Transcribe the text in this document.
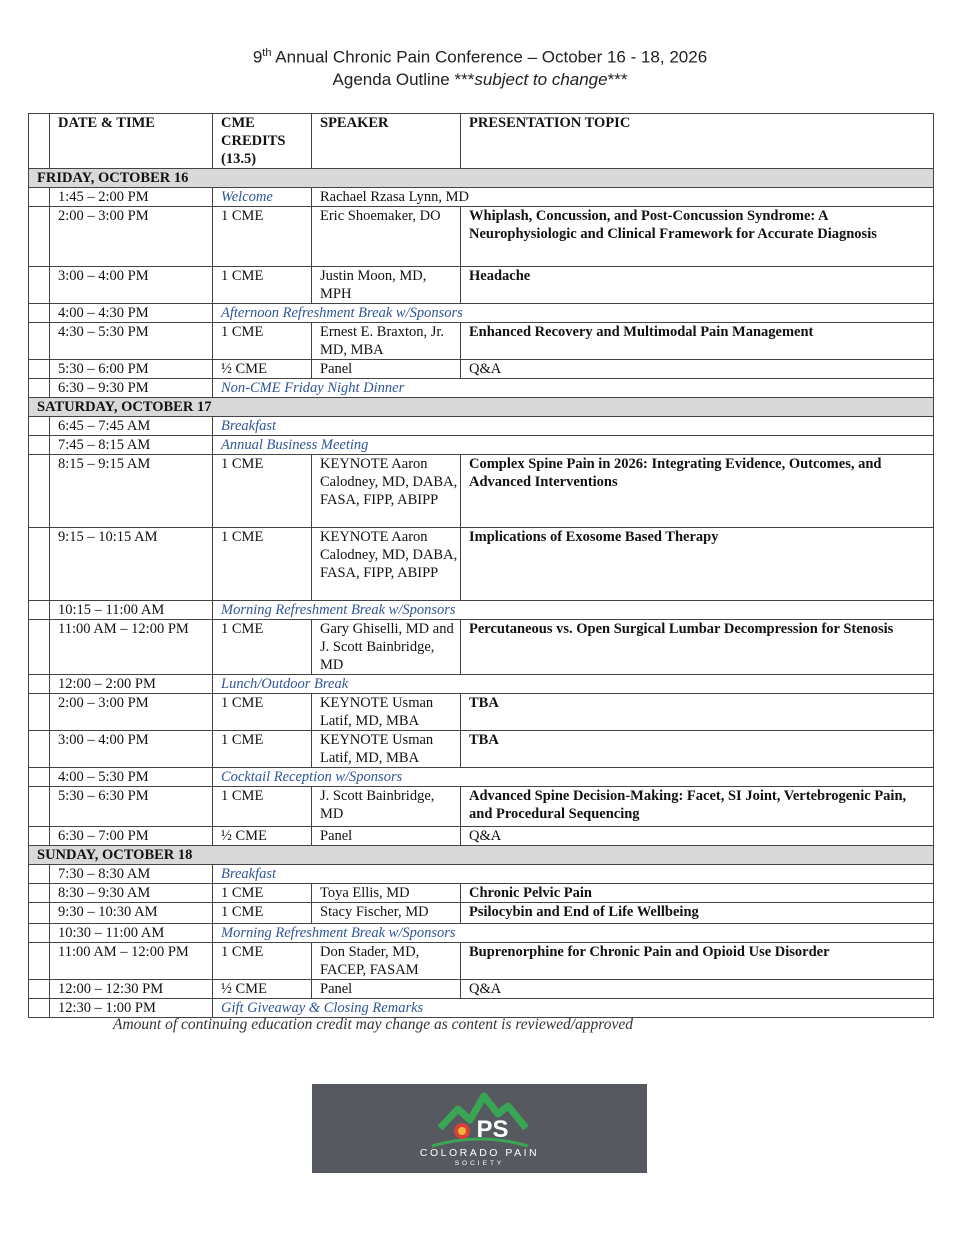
9th Annual Chronic Pain Conference – October 16 - 18, 2026
Agenda Outline ***subject to change***
	DATE & TIME	CME CREDITS (13.5)	SPEAKER	PRESENTATION TOPIC
FRIDAY, OCTOBER 16				
	1:45 – 2:00 PM	Welcome	Rachael Rzasa Lynn, MD	
	2:00 – 3:00 PM	1 CME	Eric Shoemaker, DO	Whiplash, Concussion, and Post-Concussion Syndrome: A Neurophysiologic and Clinical Framework for Accurate Diagnosis
	3:00 – 4:00 PM	1 CME	Justin Moon, MD, MPH	Headache
	4:00 – 4:30 PM	Afternoon Refreshment Break w/Sponsors		
	4:30 – 5:30 PM	1 CME	Ernest E. Braxton, Jr. MD, MBA	Enhanced Recovery and Multimodal Pain Management
	5:30 – 6:00 PM	½ CME	Panel	Q&A
	6:30 – 9:30 PM	Non-CME Friday Night Dinner		
SATURDAY, OCTOBER 17				
	6:45 – 7:45 AM	Breakfast		
	7:45 – 8:15 AM	Annual Business Meeting		
	8:15 – 9:15 AM	1 CME	KEYNOTE Aaron Calodney, MD, DABA, FASA, FIPP, ABIPP	Complex Spine Pain in 2026: Integrating Evidence, Outcomes, and Advanced Interventions
	9:15 – 10:15 AM	1 CME	KEYNOTE Aaron Calodney, MD, DABA, FASA, FIPP, ABIPP	Implications of Exosome Based Therapy
	10:15 – 11:00 AM	Morning Refreshment Break w/Sponsors		
	11:00 AM – 12:00 PM	1 CME	Gary Ghiselli, MD and J. Scott Bainbridge, MD	Percutaneous vs. Open Surgical Lumbar Decompression for Stenosis
	12:00 – 2:00 PM	Lunch/Outdoor Break		
	2:00 – 3:00 PM	1 CME	KEYNOTE Usman Latif, MD, MBA	TBA
	3:00 – 4:00 PM	1 CME	KEYNOTE Usman Latif, MD, MBA	TBA
	4:00 – 5:30 PM	Cocktail Reception w/Sponsors		
	5:30 – 6:30 PM	1 CME	J. Scott Bainbridge, MD	Advanced Spine Decision-Making: Facet, SI Joint, Vertebrogenic Pain, and Procedural Sequencing
	6:30 – 7:00 PM	½ CME	Panel	Q&A
SUNDAY, OCTOBER 18				
	7:30 – 8:30 AM	Breakfast		
	8:30 – 9:30 AM	1 CME	Toya Ellis, MD	Chronic Pelvic Pain
	9:30 – 10:30 AM	1 CME	Stacy Fischer, MD	Psilocybin and End of Life Wellbeing
	10:30 – 11:00 AM	Morning Refreshment Break w/Sponsors		
	11:00 AM – 12:00 PM	1 CME	Don Stader, MD, FACEP, FASAM	Buprenorphine for Chronic Pain and Opioid Use Disorder
	12:00 – 12:30 PM	½ CME	Panel	Q&A
	12:30 – 1:00 PM	Gift Giveaway & Closing Remarks		
Amount of continuing education credit may change as content is reviewed/approved
PS
COLORADO PAIN
SOCIETY
